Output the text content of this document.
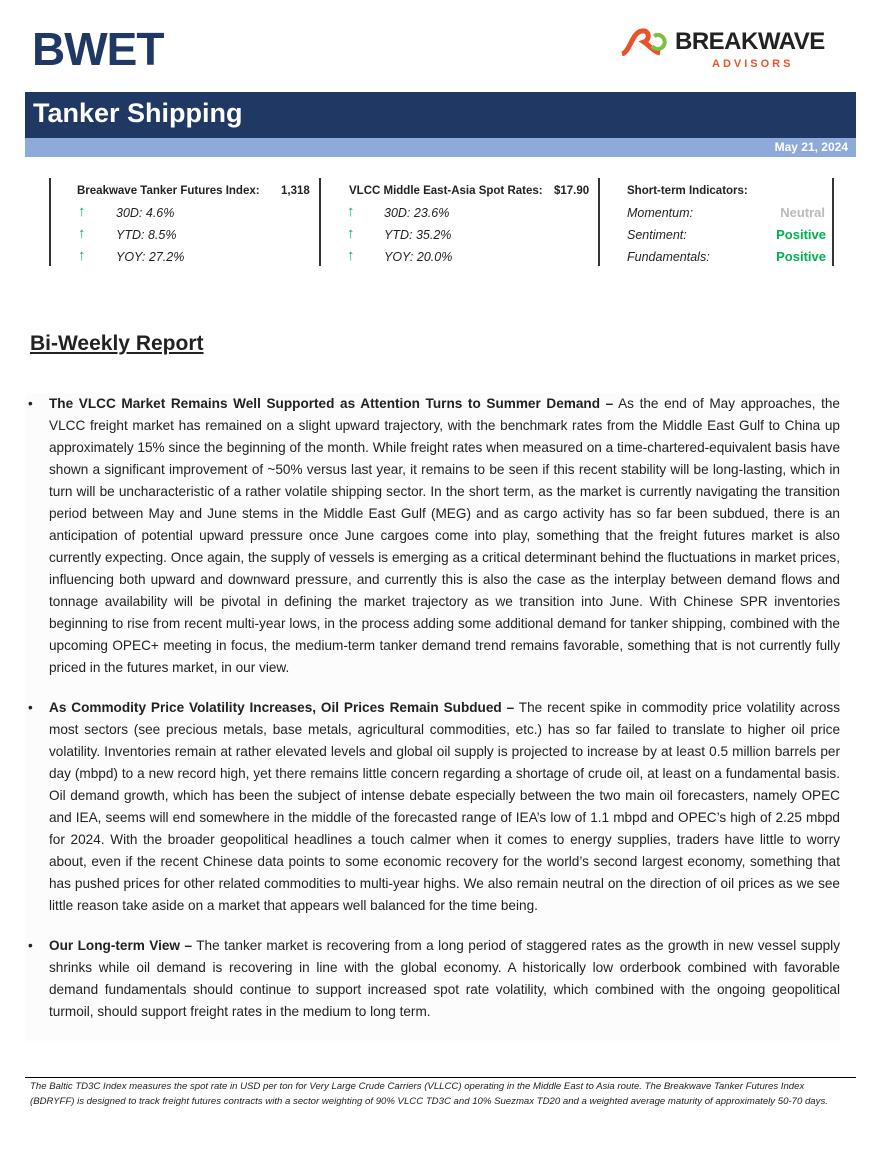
BWET	BREAKWAVE
ADVISORS
Tanker Shipping
May 21, 2024
Breakwave Tanker Futures Index: 1,318
↑ 30D: 4.6%
↑ YTD: 8.5%
↑ YOY: 27.2%
VLCC Middle East-Asia Spot Rates: $17.90
↑ 30D: 23.6%
↑ YTD: 35.2%
↑ YOY: 20.0%
Short-term Indicators:
Momentum:	Neutral
Sentiment:	Positive
Fundamentals:	Positive
Bi-Weekly Report
• The VLCC Market Remains Well Supported as Attention Turns to Summer Demand – As the end of May approaches, the VLCC freight market has remained on a slight upward trajectory, with the benchmark rates from the Middle East Gulf to China up approximately 15% since the beginning of the month. While freight rates when measured on a time-chartered-equivalent basis have shown a significant improvement of ~50% versus last year, it remains to be seen if this recent stability will be long-lasting, which in turn will be uncharacteristic of a rather volatile shipping sector. In the short term, as the market is currently navigating the transition period between May and June stems in the Middle East Gulf (MEG) and as cargo activity has so far been subdued, there is an anticipation of potential upward pressure once June cargoes come into play, something that the freight futures market is also currently expecting. Once again, the supply of vessels is emerging as a critical determinant behind the fluctuations in market prices, influencing both upward and downward pressure, and currently this is also the case as the interplay between demand flows and tonnage availability will be pivotal in defining the market trajectory as we transition into June. With Chinese SPR inventories beginning to rise from recent multi-year lows, in the process adding some additional demand for tanker shipping, combined with the upcoming OPEC+ meeting in focus, the medium-term tanker demand trend remains favorable, something that is not currently fully priced in the futures market, in our view.
• As Commodity Price Volatility Increases, Oil Prices Remain Subdued – The recent spike in commodity price volatility across most sectors (see precious metals, base metals, agricultural commodities, etc.) has so far failed to translate to higher oil price volatility. Inventories remain at rather elevated levels and global oil supply is projected to increase by at least 0.5 million barrels per day (mbpd) to a new record high, yet there remains little concern regarding a shortage of crude oil, at least on a fundamental basis. Oil demand growth, which has been the subject of intense debate especially between the two main oil forecasters, namely OPEC and IEA, seems will end somewhere in the middle of the forecasted range of IEA’s low of 1.1 mbpd and OPEC’s high of 2.25 mbpd for 2024. With the broader geopolitical headlines a touch calmer when it comes to energy supplies, traders have little to worry about, even if the recent Chinese data points to some economic recovery for the world’s second largest economy, something that has pushed prices for other related commodities to multi-year highs. We also remain neutral on the direction of oil prices as we see little reason take aside on a market that appears well balanced for the time being.
• Our Long-term View – The tanker market is recovering from a long period of staggered rates as the growth in new vessel supply shrinks while oil demand is recovering in line with the global economy. A historically low orderbook combined with favorable demand fundamentals should continue to support increased spot rate volatility, which combined with the ongoing geopolitical turmoil, should support freight rates in the medium to long term.
The Baltic TD3C Index measures the spot rate in USD per ton for Very Large Crude Carriers (VLLCC) operating in the Middle East to Asia route. The Breakwave Tanker Futures Index (BDRYFF) is designed to track freight futures contracts with a sector weighting of 90% VLCC TD3C and 10% Suezmax TD20 and a weighted average maturity of approximately 50-70 days.
